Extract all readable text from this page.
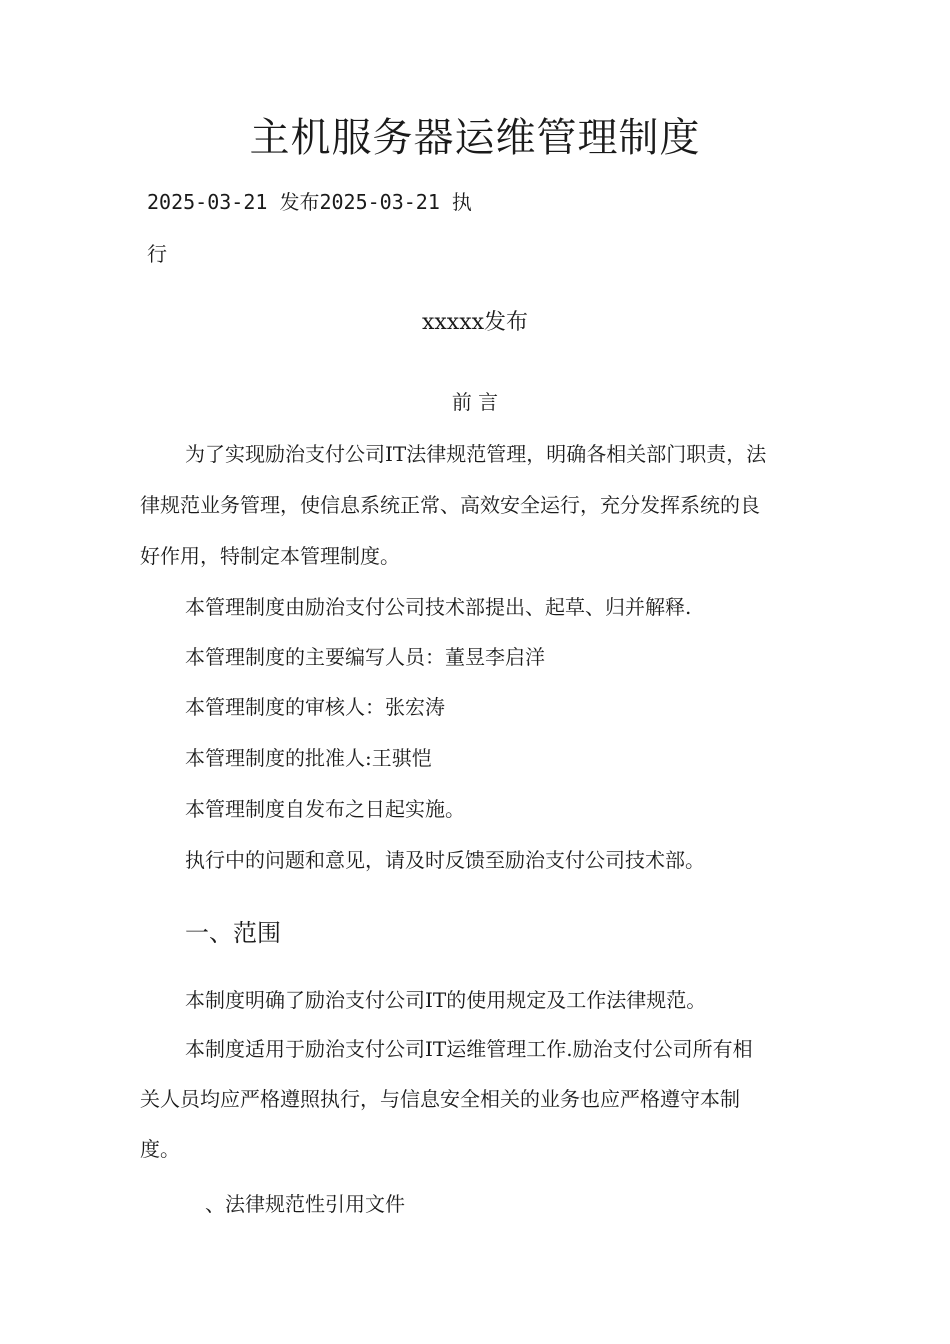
主机服务器运维管理制度
2025-03-21 发布2025-03-21 执
行
xxxxx发布
前 言
为了实现励治支付公司IT法律规范管理，明确各相关部门职责，法
律规范业务管理，使信息系统正常、高效安全运行，充分发挥系统的良
好作用，特制定本管理制度。
本管理制度由励治支付公司技术部提出、起草、归并解释.
本管理制度的主要编写人员：董昱李启洋
本管理制度的审核人：张宏涛
本管理制度的批准人:王骐恺
本管理制度自发布之日起实施。
执行中的问题和意见，请及时反馈至励治支付公司技术部。
一、范围
本制度明确了励治支付公司IT的使用规定及工作法律规范。
本制度适用于励治支付公司IT运维管理工作.励治支付公司所有相
关人员均应严格遵照执行，与信息安全相关的业务也应严格遵守本制
度。
、法律规范性引用文件
